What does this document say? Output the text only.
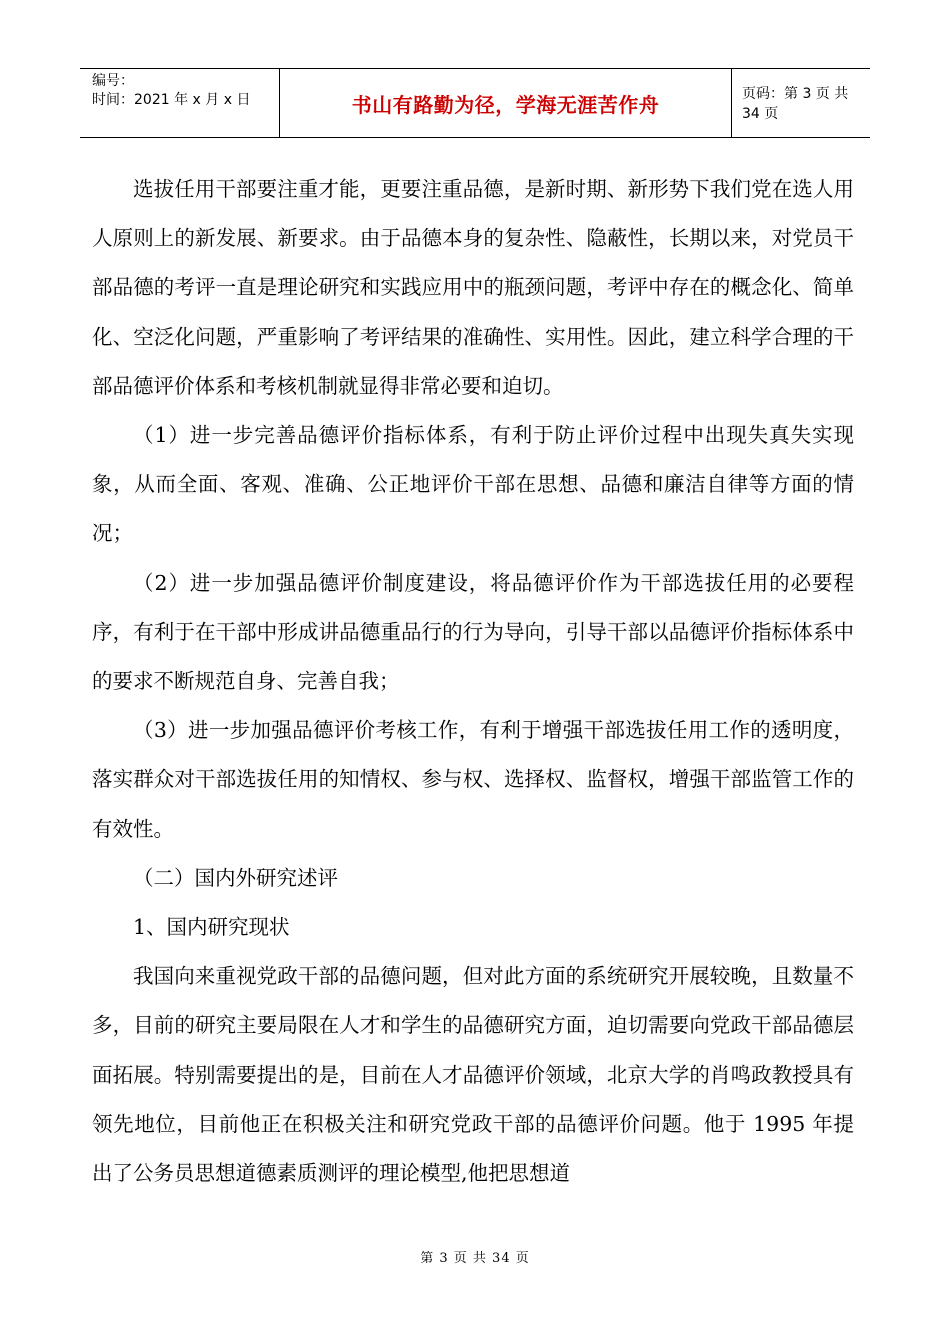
编号：
时间：2021 年 x 月 x 日	书山有路勤为径，学海无涯苦作舟	页码：第 3 页 共 34 页

选拔任用干部要注重才能，更要注重品德，是新时期、新形势下我们党在选人用人原则上的新发展、新要求。由于品德本身的复杂性、隐蔽性，长期以来，对党员干部品德的考评一直是理论研究和实践应用中的瓶颈问题，考评中存在的概念化、简单化、空泛化问题，严重影响了考评结果的准确性、实用性。因此，建立科学合理的干部品德评价体系和考核机制就显得非常必要和迫切。

（1）进一步完善品德评价指标体系，有利于防止评价过程中出现失真失实现象，从而全面、客观、准确、公正地评价干部在思想、品德和廉洁自律等方面的情况；

（2）进一步加强品德评价制度建设，将品德评价作为干部选拔任用的必要程序，有利于在干部中形成讲品德重品行的行为导向，引导干部以品德评价指标体系中的要求不断规范自身、完善自我；

（3）进一步加强品德评价考核工作，有利于增强干部选拔任用工作的透明度，落实群众对干部选拔任用的知情权、参与权、选择权、监督权，增强干部监管工作的有效性。

（二）国内外研究述评

1、国内研究现状

我国向来重视党政干部的品德问题，但对此方面的系统研究开展较晚，且数量不多，目前的研究主要局限在人才和学生的品德研究方面，迫切需要向党政干部品德层面拓展。特别需要提出的是，目前在人才品德评价领域，北京大学的肖鸣政教授具有领先地位，目前他正在积极关注和研究党政干部的品德评价问题。他于 1995 年提出了公务员思想道德素质测评的理论模型,他把思想道

第 3 页 共 34 页
